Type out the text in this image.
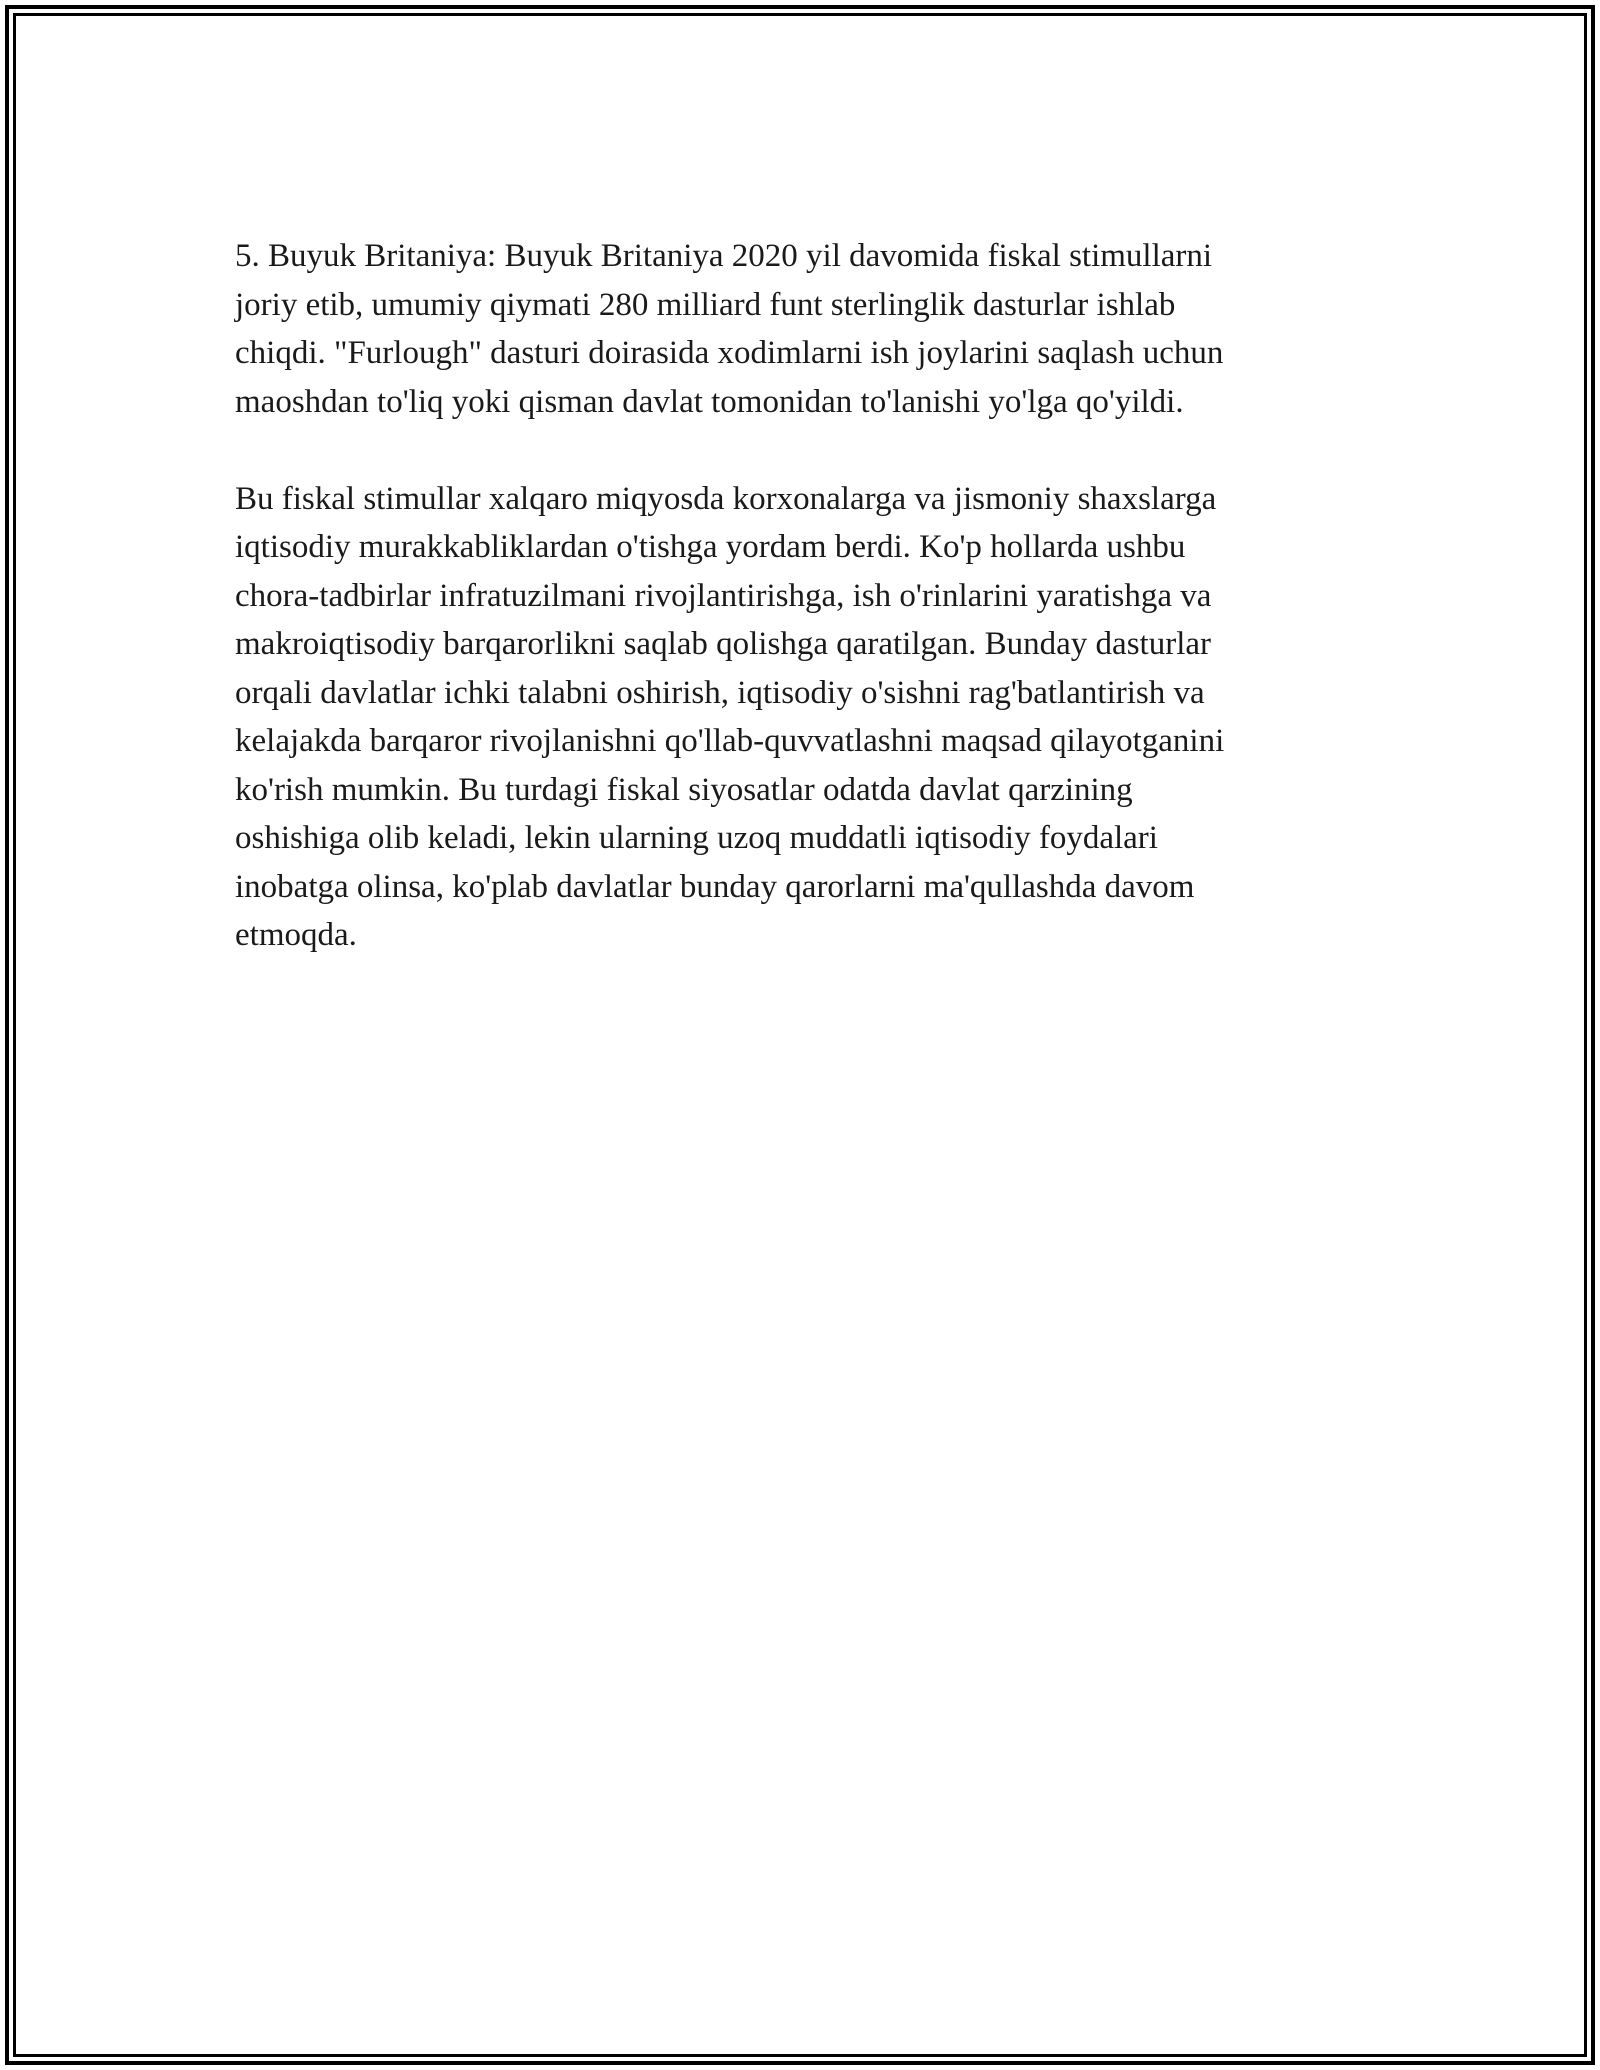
5. Buyuk Britaniya: Buyuk Britaniya 2020 yil davomida fiskal stimullarni
joriy etib, umumiy qiymati 280 milliard funt sterlinglik dasturlar ishlab
chiqdi. "Furlough" dasturi doirasida xodimlarni ish joylarini saqlash uchun
maoshdan to'liq yoki qisman davlat tomonidan to'lanishi yo'lga qo'yildi.

Bu fiskal stimullar xalqaro miqyosda korxonalarga va jismoniy shaxslarga
iqtisodiy murakkabliklardan o'tishga yordam berdi. Ko'p hollarda ushbu
chora-tadbirlar infratuzilmani rivojlantirishga, ish o'rinlarini yaratishga va
makroiqtisodiy barqarorlikni saqlab qolishga qaratilgan. Bunday dasturlar
orqali davlatlar ichki talabni oshirish, iqtisodiy o'sishni rag'batlantirish va
kelajakda barqaror rivojlanishni qo'llab-quvvatlashni maqsad qilayotganini
ko'rish mumkin. Bu turdagi fiskal siyosatlar odatda davlat qarzining
oshishiga olib keladi, lekin ularning uzoq muddatli iqtisodiy foydalari
inobatga olinsa, ko'plab davlatlar bunday qarorlarni ma'qullashda davom
etmoqda.
